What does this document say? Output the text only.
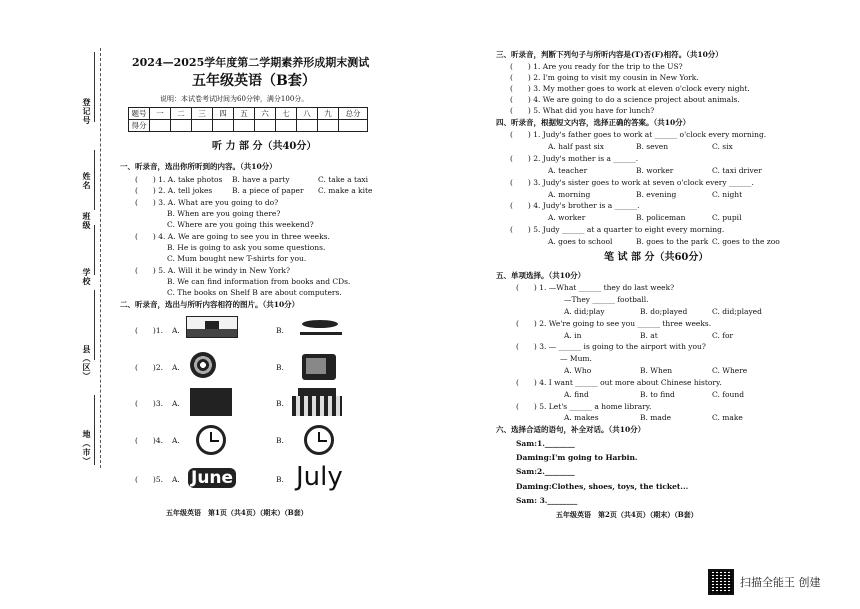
登记号
姓名
班级
学校
县（区）
地（市）
2024—2025学年度第二学期素养形成期末测试
五年级英语（B套）
说明：本试卷考试时间为60分钟，满分100分。
题号	一	二	三	四	五	六	七	八	九	总分
得分										
听 力 部 分（共40分）
一、听录音，选出你所听到的内容。（共10分）
(　　) 1. A. take photos B. have a party	C. take a taxi
(　　) 2. A. tell jokes	B. a piece of paper C. make a kite
(　　) 3. A. What are you going to do?
B. When are you going there?
C. Where are you going this weekend?
(　　) 4. A. We are going to see you in three weeks.
B. He is going to ask you some questions.
C. Mum bought new T-shirts for you.
(　　) 5. A. Will it be windy in New York?
B. We can find information from books and CDs.
C. The books on Shelf B are about computers.
二、听录音，选出与所听内容相符的图片。（共10分）
(　　)1. A.	B.
(　　)2. A.	B.
(　　)3. A.	B.
(　　)4. A.	B.
(　　)5. A. June	B. July
五年级英语　第1页（共4页）（期末）（B套）
三、听录音，判断下列句子与所听内容是(T)否(F)相符。（共10分）
(　　) 1. Are you ready for the trip to the US?
(　　) 2. I'm going to visit my cousin in New York.
(　　) 3. My mother goes to work at eleven o'clock every night.
(　　) 4. We are going to do a science project about animals.
(　　) 5. What did you have for lunch?
四、听录音，根据短文内容，选择正确的答案。（共10分）
(　　) 1. Judy's father goes to work at ______ o'clock every morning.
A. half past six	B. seven	C. six
(　　) 2. Judy's mother is a ______.
A. teacher	B. worker	C. taxi driver
(　　) 3. Judy's sister goes to work at seven o'clock every ______.
A. morning	B. evening	C. night
(　　) 4. Judy's brother is a ______.
A. worker	B. policeman	C. pupil
(　　) 5. Judy ______ at a quarter to eight every morning.
A. goes to school	B. goes to the park C. goes to the zoo
笔 试 部 分（共60分）
五、单项选择。（共10分）
(　　) 1. —What ______ they do last week?
—They ______ football.
A. did;play	B. do;played	C. did;played
(　　) 2. We're going to see you ______ three weeks.
A. in	B. at	C. for
(　　) 3. — ______ is going to the airport with you?
— Mum.
A. Who	B. When	C. Where
(　　) 4. I want ______ out more about Chinese history.
A. find	B. to find	C. found
(　　) 5. Let's ______ a home library.
A. makes	B. made	C. make
六、选择合适的语句，补全对话。（共10分）
Sam:1.________
Daming:I'm going to Harbin.
Sam:2.________
Daming:Clothes, shoes, toys, the ticket...
Sam: 3.________
五年级英语　第2页（共4页）（期末）（B套）
扫描全能王 创建
